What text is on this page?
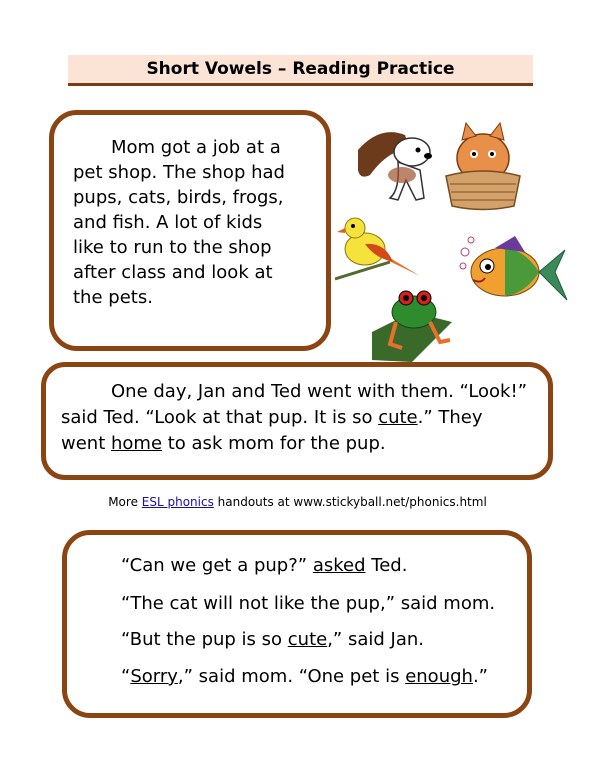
Short Vowels – Reading Practice

Mom got a job at a
pet shop. The shop had
pups, cats, birds, frogs,
and fish. A lot of kids
like to run to the shop
after class and look at
the pets.

One day, Jan and Ted went with them. “Look!”
said Ted. “Look at that pup. It is so cute.” They
went home to ask mom for the pup.

More ESL phonics handouts at www.stickyball.net/phonics.html
“Can we get a pup?” asked Ted.
“The cat will not like the pup,” said mom.
“But the pup is so cute,” said Jan.
“Sorry,” said mom. “One pet is enough.”
